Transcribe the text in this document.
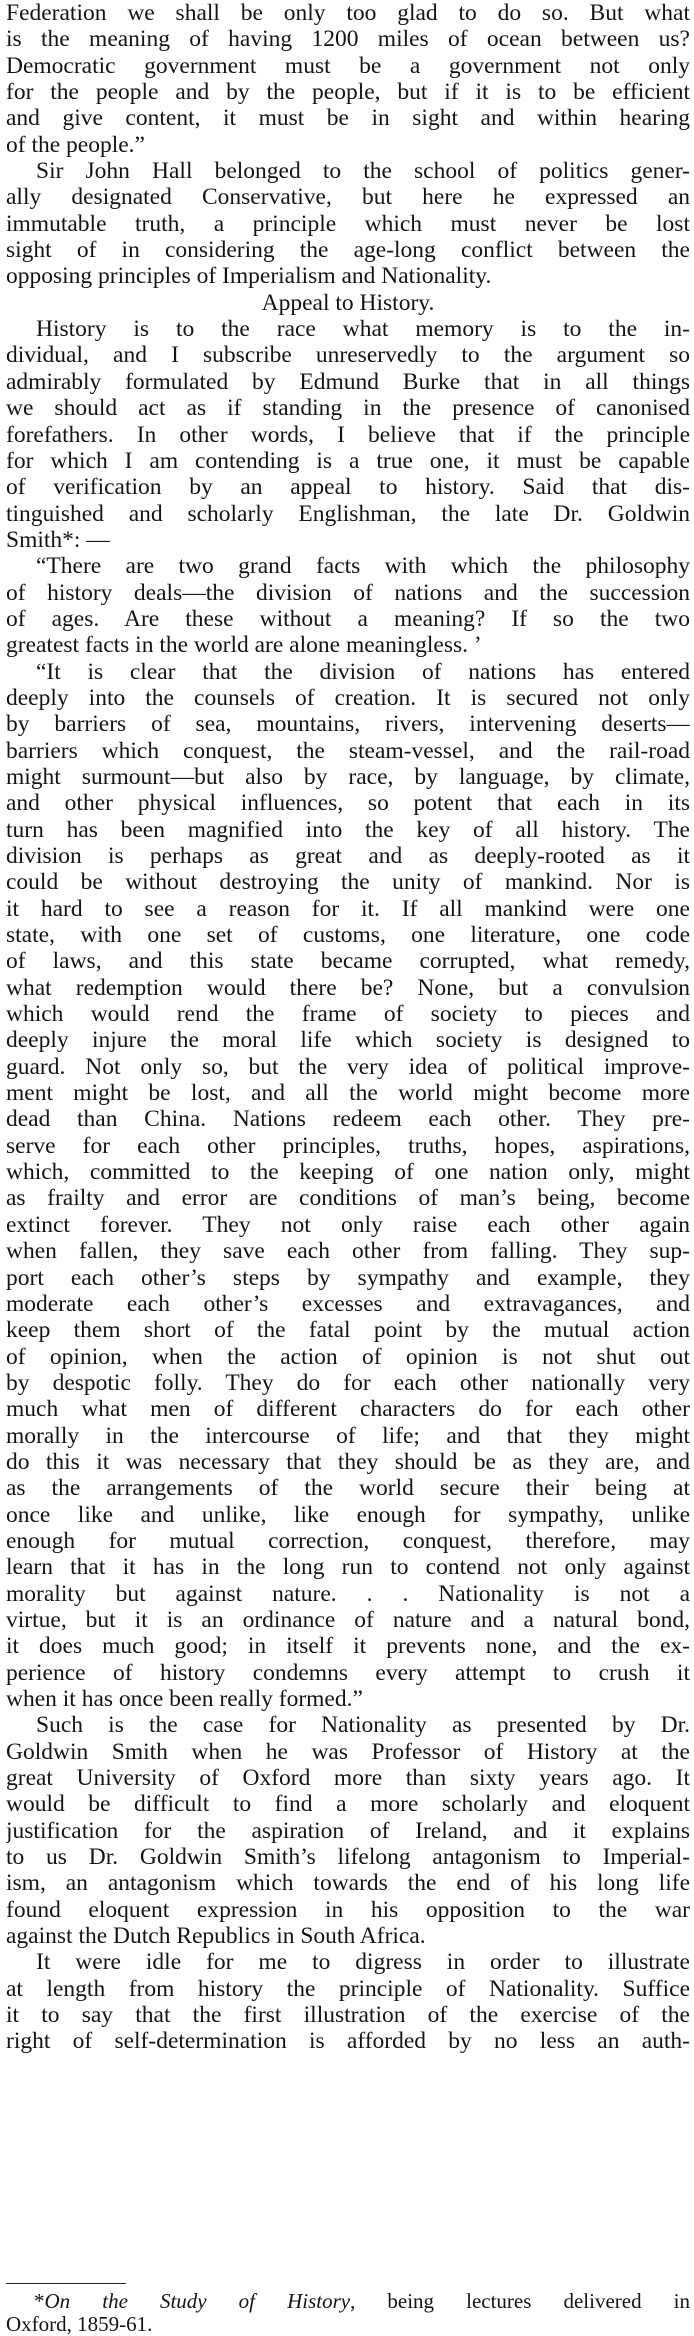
Federation we shall be only too glad to do so. But what
is the meaning of having 1200 miles of ocean between us?
Democratic government must be a government not only
for the people and by the people, but if it is to be efficient
and give content, it must be in sight and within hearing
of the people.”
Sir John Hall belonged to the school of politics gener-
ally designated Conservative, but here he expressed an
immutable truth, a principle which must never be lost
sight of in considering the age-long conflict between the
opposing principles of Imperialism and Nationality.
Appeal to History.
History is to the race what memory is to the in-
dividual, and I subscribe unreservedly to the argument so
admirably formulated by Edmund Burke that in all things
we should act as if standing in the presence of canonised
forefathers. In other words, I believe that if the principle
for which I am contending is a true one, it must be capable
of verification by an appeal to history. Said that dis-
tinguished and scholarly Englishman, the late Dr. Goldwin
Smith*: —
“There are two grand facts with which the philosophy
of history deals—the division of nations and the succession
of ages. Are these without a meaning? If so the two
greatest facts in the world are alone meaningless. ’
“It is clear that the division of nations has entered
deeply into the counsels of creation. It is secured not only
by barriers of sea, mountains, rivers, intervening deserts—
barriers which conquest, the steam-vessel, and the rail-road
might surmount—but also by race, by language, by climate,
and other physical influences, so potent that each in its
turn has been magnified into the key of all history. The
division is perhaps as great and as deeply-rooted as it
could be without destroying the unity of mankind. Nor is
it hard to see a reason for it. If all mankind were one
state, with one set of customs, one literature, one code
of laws, and this state became corrupted, what remedy,
what redemption would there be? None, but a convulsion
which would rend the frame of society to pieces and
deeply injure the moral life which society is designed to
guard. Not only so, but the very idea of political improve-
ment might be lost, and all the world might become more
dead than China. Nations redeem each other. They pre-
serve for each other principles, truths, hopes, aspirations,
which, committed to the keeping of one nation only, might
as frailty and error are conditions of man’s being, become
extinct forever. They not only raise each other again
when fallen, they save each other from falling. They sup-
port each other’s steps by sympathy and example, they
moderate each other’s excesses and extravagances, and
keep them short of the fatal point by the mutual action
of opinion, when the action of opinion is not shut out
by despotic folly. They do for each other nationally very
much what men of different characters do for each other
morally in the intercourse of life; and that they might
do this it was necessary that they should be as they are, and
as the arrangements of the world secure their being at
once like and unlike, like enough for sympathy, unlike
enough for mutual correction, conquest, therefore, may
learn that it has in the long run to contend not only against
morality but against nature. . . Nationality is not a
virtue, but it is an ordinance of nature and a natural bond,
it does much good; in itself it prevents none, and the ex-
perience of history condemns every attempt to crush it
when it has once been really formed.”
Such is the case for Nationality as presented by Dr.
Goldwin Smith when he was Professor of History at the
great University of Oxford more than sixty years ago. It
would be difficult to find a more scholarly and eloquent
justification for the aspiration of Ireland, and it explains
to us Dr. Goldwin Smith’s lifelong antagonism to Imperial-
ism, an antagonism which towards the end of his long life
found eloquent expression in his opposition to the war
against the Dutch Republics in South Africa.
It were idle for me to digress in order to illustrate
at length from history the principle of Nationality. Suffice
it to say that the first illustration of the exercise of the
right of self-determination is afforded by no less an auth-
*On the Study of History, being lectures delivered in
Oxford, 1859-61.
